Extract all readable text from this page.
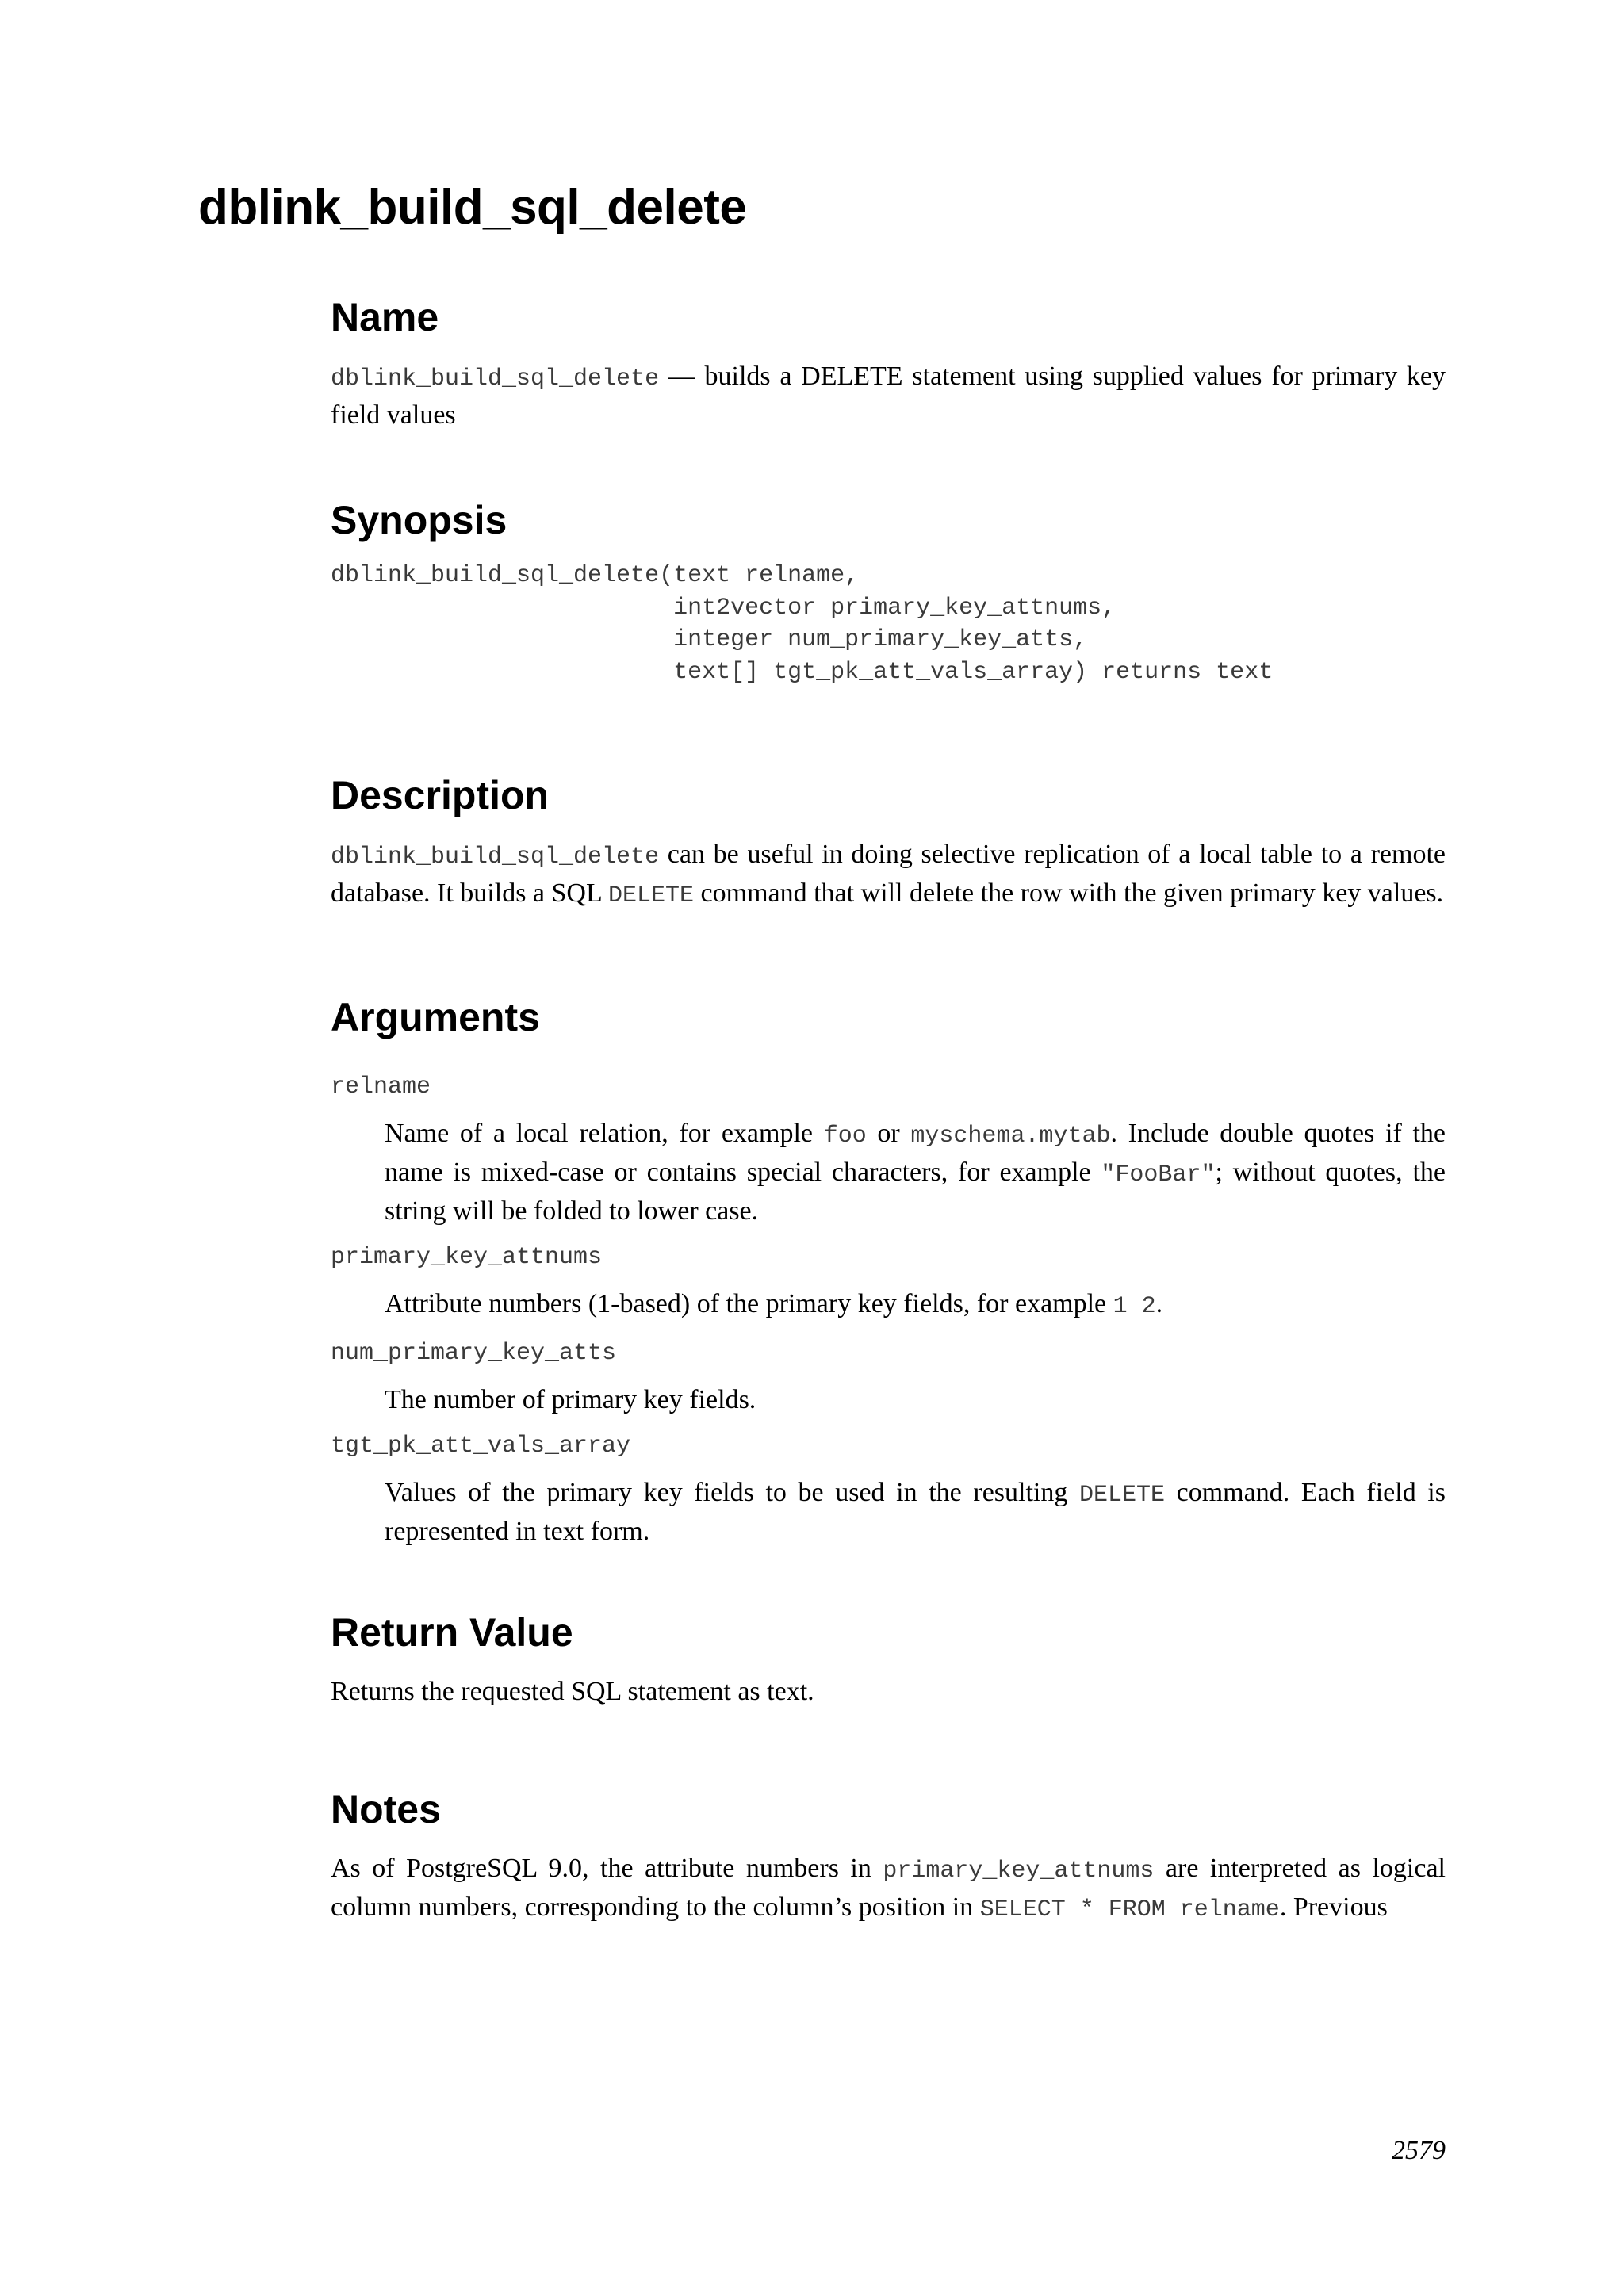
dblink_build_sql_delete
Name

dblink_build_sql_delete — builds a DELETE statement using supplied values for primary key field values

Synopsis
dblink_build_sql_delete(text relname,
int2vector primary_key_attnums,
integer num_primary_key_atts,
text[] tgt_pk_att_vals_array) returns text
Description

dblink_build_sql_delete can be useful in doing selective replication of a local table to a remote database. It builds a SQL DELETE command that will delete the row with the given primary key values.

Arguments
relname

Name of a local relation, for example foo or myschema.mytab. Include double quotes if the name is mixed-case or contains special characters, for example "FooBar"; without quotes, the string will be folded to lower case.

primary_key_attnums

Attribute numbers (1-based) of the primary key fields, for example 1 2.

num_primary_key_atts

The number of primary key fields.

tgt_pk_att_vals_array

Values of the primary key fields to be used in the resulting DELETE command. Each field is represented in text form.

Return Value

Returns the requested SQL statement as text.

Notes

As of PostgreSQL 9.0, the attribute numbers in primary_key_attnums are interpreted as logical column numbers, corresponding to the column’s position in SELECT * FROM relname. Previous

2579
